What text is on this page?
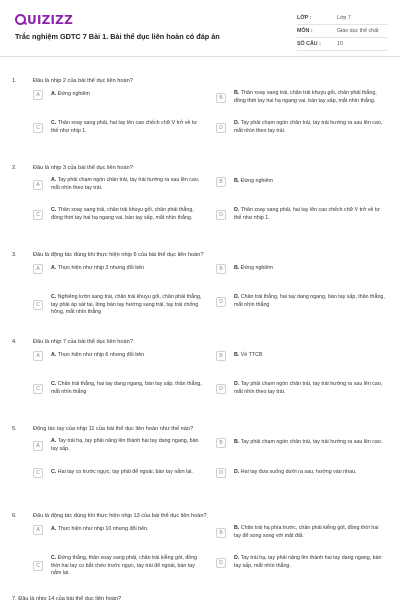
UIZIZZ
Trắc nghiệm GDTC 7 Bài 1. Bài thể dục liên hoàn có đáp án
LỚP :	Lớp 7
MÔN :	Giáo dục thể chất
SỐ CÂU :	10
1.	Đâu là nhịp 2 của bài thể dục liên hoàn?
A	A. Đứng nghiêm
B
B. Thân xoay sang trái, chân trái khuỵu gối, chân phải thẳng, đồng thời tay hai hạ ngang vai, bàn tay sấp, mắt nhìn thẳng.
C
C. Thân xoay sang phải, hai tay lên cao chếch chữ V trở về tư thế như nhịp 1.	D
D. Tay phải chạm ngón chân trái, tay trái hướng ra sau lên cao, mắt nhìn theo tay trái.
2.	Đâu là nhịp 3 của bài thể dục liên hoàn?
A
A. Tay phải chạm ngón chân trái, tay trái hướng ra sau lên cao, mắt nhìn theo tay trái.
B	B. Đứng nghiêm
C
C. Thân xoay sang trái, chân trái khuỵu gối, chân phải thẳng, đồng thời tay hai hạ ngang vai, bàn tay sấp, mắt nhìn thẳng.	D
D. Thân xoay sang phải, hai tay lên cao chếch chữ V trở về tư thế như nhịp 1.
3.	Đâu là động tác đúng khi thực hiện nhịp 6 của bài thể dục liên hoàn?
A	A. Thực hiện như nhịp 3 nhưng đổi bên	B	B. Đứng nghiêm
C
C. Nghiêng lườn sang trái, chân trái khuỵu gối, chân phải thẳng, tay phải áp sát tai, lòng bàn tay hướng sang trái, tay trái chống hông, mắt nhìn thẳng
D
D. Chân trái thẳng, hai tay dang ngang, bàn tay sấp, thân thẳng, mắt nhìn thẳng
4.	Đâu là nhịp 7 của bài thể dục liên hoàn?
A	A. Thực hiện như nhịp 6 nhưng đổi bên	B	B. Về TTCB
C
C. Chân trái thẳng, hai tay dang ngang, bàn tay sấp, thân thẳng, mắt nhìn thẳng	D
D. Tay phải chạm ngón chân trái, tay trái hướng ra sau lên cao, mắt nhìn theo tay trái.
5.	Động tác tay của nhịp 11 của bài thể dục liên hoàn như thế nào?
A
A. Tay trái hạ, tay phải nâng lên thành hai tay dang ngang, bàn tay sấp.
B	B. Tay phải chạm ngón chân trái, tay trái hướng ra sau lên cao.
C	C. Hai tay co trước ngực, tay phải để ngoài, bàn tay nắm lại.	D	D. Hai tay đưa xuống dưới ra sau, hướng vào nhau.
6.	Đâu là động tác đúng khi thực hiện nhịp 13 của bài thể dục liên hoàn?
A	A. Thực hiện như nhịp 10 nhưng đổi bên.
B
B. Chân trái hạ phía trước, chân phải kiễng gót, đồng thời hai tay để song song với mặt đất.
C
C. Đứng thẳng, thân xoay sang phải, chân trái kiễng gót, đồng thời hai tay co bắt chéo trước ngực, tay trái để ngoài, bàn tay nắm lại.
D
D. Tay trái hạ, tay phải nâng lên thành hai tay dang ngang, bàn tay sấp, mắt nhìn thẳng.
7. Đâu là nhịp 14 của bài thể dục liên hoàn?
